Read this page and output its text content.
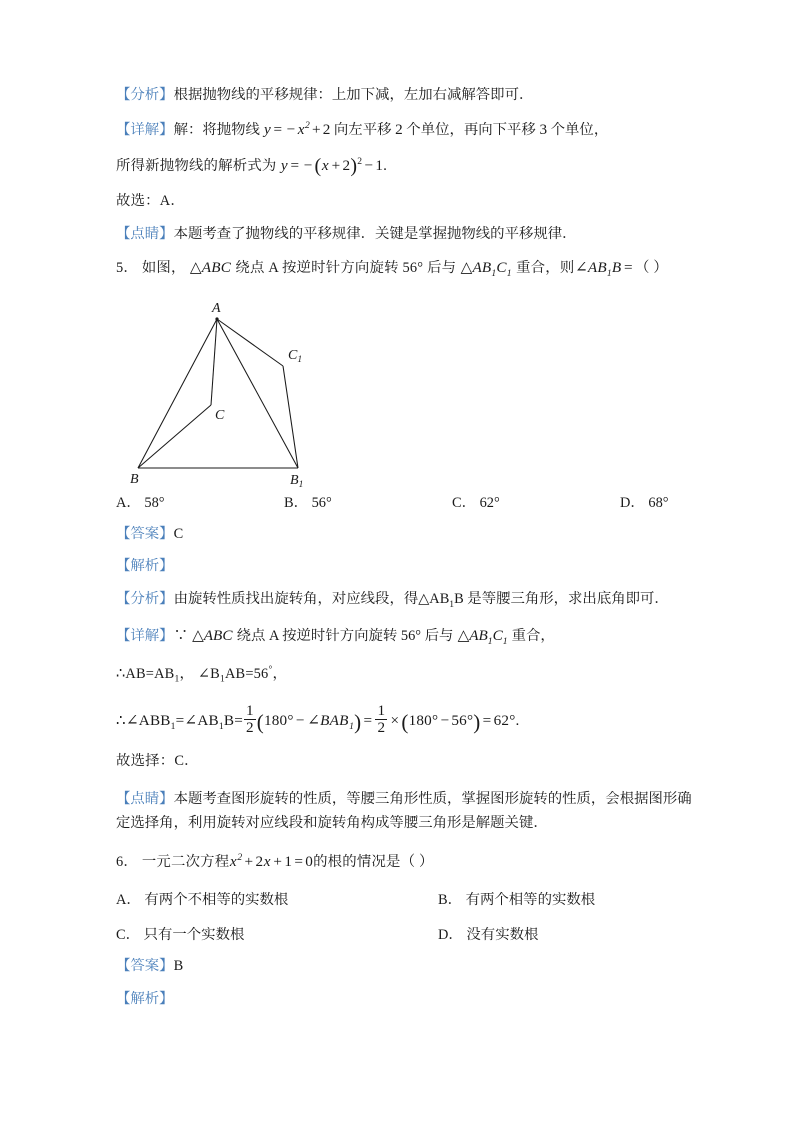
【分析】根据抛物线的平移规律：上加下减，左加右减解答即可．
【详解】解：将抛物线 y = − $x^2 + 2$ 向左平移 2 个单位，再向下平移 3 个单位，
所得新抛物线的解析式为 y = − $(x + 2)^2 - 1$.
故选：A．
【点睛】本题考查了抛物线的平移规律．关键是掌握抛物线的平移规律．
5． 如图， △ABC 绕点 A 按逆时针方向旋转 56° 后与 $\triangle AB_1C_1$ 重合，则$\angle AB_1B$ = （ ）
A
B
C
$B_1$
$C_1$
A． 58°	B． 56°	C． 62°	D． 68°
【答案】C
【解析】
【分析】由旋转性质找出旋转角，对应线段，得$\triangle AB_1B$ 是等腰三角形，求出底角即可．
【详解】∵ △ABC 绕点 A 按逆时针方向旋转 56° 后与 $\triangle AB_1C_1$ 重合，
$\therefore AB=AB_1$， $\angle B_1AB=56^\circ$，
$\therefore\angle ABB_1=\angle AB_1B= \frac{1}{2} (180^\circ$ − $\angle BAB_1) = \frac{1}{2} \times (180^\circ - 56^\circ) = 62^\circ$.
故选择：C．
【点睛】本题考查图形旋转的性质，等腰三角形性质，掌握图形旋转的性质，会根据图形确定选择角，利用旋转对应线段和旋转角构成等腰三角形是解题关键．
6． 一元二次方程$x^2 + 2x + 1 = 0$的根的情况是（ ）
A． 有两个不相等的实数根	B． 有两个相等的实数根
C． 只有一个实数根	D． 没有实数根
【答案】B
【解析】
